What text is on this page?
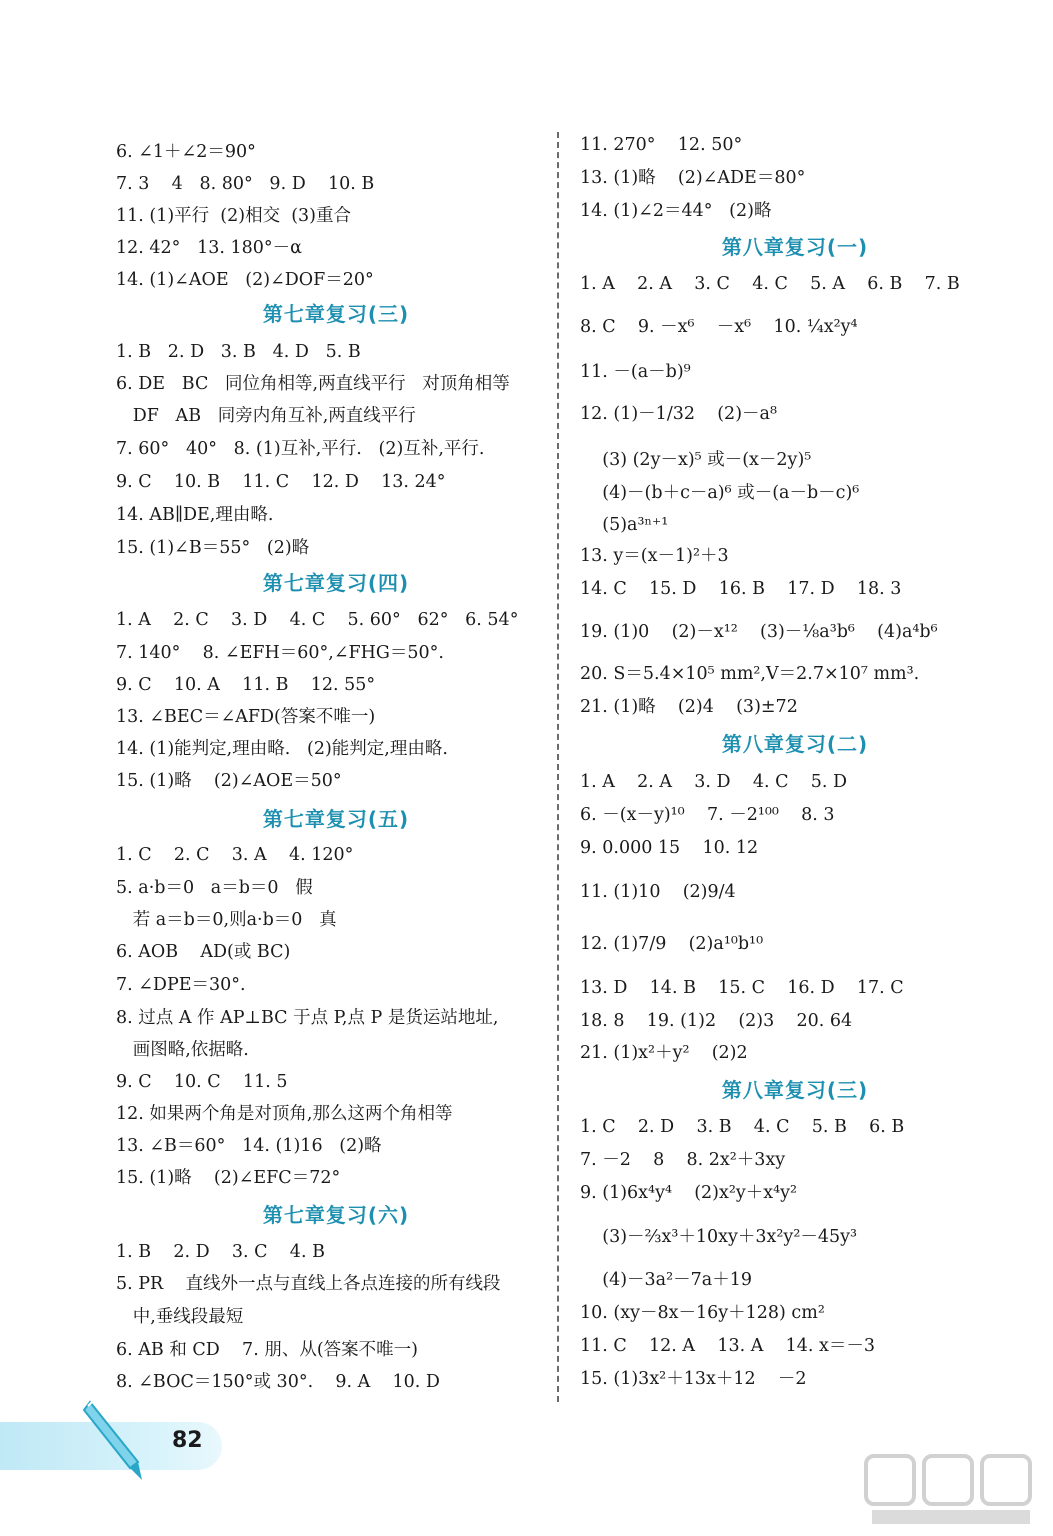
6. ∠1＋∠2＝90°
7. 3    4   8. 80°   9. D    10. B
11. (1)平行  (2)相交  (3)重合
12. 42°   13. 180°－α
14. (1)∠AOE   (2)∠DOF＝20°
第七章复习(三)
1. B   2. D   3. B   4. D   5. B
6. DE   BC   同位角相等,两直线平行   对顶角相等
DF   AB   同旁内角互补,两直线平行
7. 60°   40°   8. (1)互补,平行.   (2)互补,平行.
9. C    10. B    11. C    12. D    13. 24°
14. AB∥DE,理由略.
15. (1)∠B＝55°   (2)略
第七章复习(四)
1. A    2. C    3. D    4. C    5. 60°   62°   6. 54°
7. 140°    8. ∠EFH＝60°,∠FHG＝50°.
9. C    10. A    11. B    12. 55°
13. ∠BEC＝∠AFD(答案不唯一)
14. (1)能判定,理由略.   (2)能判定,理由略.
15. (1)略    (2)∠AOE＝50°
第七章复习(五)
1. C    2. C    3. A    4. 120°
5. a·b＝0   a＝b＝0   假
若 a＝b＝0,则a·b＝0   真
6. AOB    AD(或 BC)
7. ∠DPE＝30°.
8. 过点 A 作 AP⊥BC 于点 P,点 P 是货运站地址,
画图略,依据略.
9. C    10. C    11. 5
12. 如果两个角是对顶角,那么这两个角相等
13. ∠B＝60°   14. (1)16   (2)略
15. (1)略    (2)∠EFC＝72°
第七章复习(六)
1. B    2. D    3. C    4. B
5. PR    直线外一点与直线上各点连接的所有线段
中,垂线段最短
6. AB 和 CD    7. 朋、从(答案不唯一)
8. ∠BOC＝150°或 30°.    9. A    10. D
11. 270°    12. 50°
13. (1)略    (2)∠ADE＝80°
14. (1)∠2＝44°   (2)略
第八章复习(一)
1. A    2. A    3. C    4. C    5. A    6. B    7. B
8. C    9. －x⁶    －x⁶    10. ¼x²y⁴
11. －(a－b)⁹
12. (1)－1/32    (2)－a⁸
(3) (2y－x)⁵ 或－(x－2y)⁵
(4)－(b＋c－a)⁶ 或－(a－b－c)⁶
(5)a³ⁿ⁺¹
13. y＝(x－1)²＋3
14. C    15. D    16. B    17. D    18. 3
19. (1)0    (2)－x¹²    (3)－⅛a³b⁶    (4)a⁴b⁶
20. S＝5.4×10⁵ mm²,V＝2.7×10⁷ mm³.
21. (1)略    (2)4    (3)±72
第八章复习(二)
1. A    2. A    3. D    4. C    5. D
6. －(x－y)¹⁰    7. －2¹⁰⁰    8. 3
9. 0.000 15    10. 12
11. (1)10    (2)9/4
12. (1)7/9    (2)a¹⁰b¹⁰
13. D    14. B    15. C    16. D    17. C
18. 8    19. (1)2    (2)3    20. 64
21. (1)x²＋y²    (2)2
第八章复习(三)
1. C    2. D    3. B    4. C    5. B    6. B
7. －2    8    8. 2x²＋3xy
9. (1)6x⁴y⁴    (2)x²y＋x⁴y²
(3)－⅔x³＋10xy＋3x²y²－45y³
(4)－3a²－7a＋19
10. (xy－8x－16y＋128) cm²
11. C    12. A    13. A    14. x＝－3
15. (1)3x²＋13x＋12    －2
82
